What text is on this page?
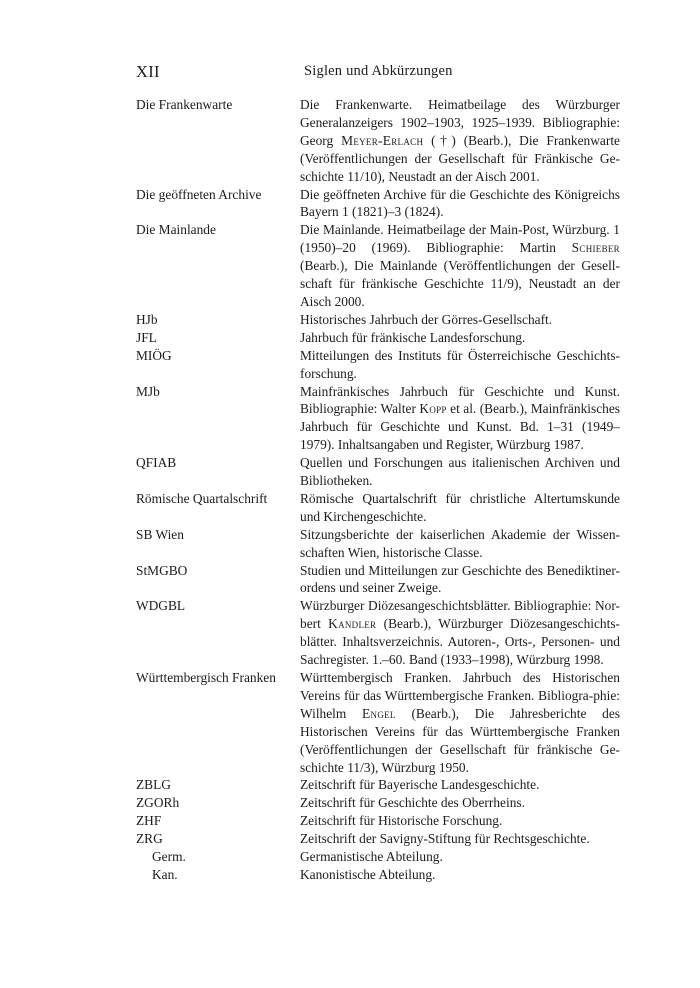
XII	Siglen und Abkürzungen
Die Frankenwarte	Die Frankenwarte. Heimatbeilage des Würzburger Generalanzeigers 1902–1903, 1925–1939. Bibliographie: Georg Meyer-Erlach (†) (Bearb.), Die Frankenwarte (Veröffentlichungen der Gesellschaft für Fränkische Ge-schichte 11/10), Neustadt an der Aisch 2001.
Die geöffneten Archive	Die geöffneten Archive für die Geschichte des Königreichs Bayern 1 (1821)–3 (1824).
Die Mainlande	Die Mainlande. Heimatbeilage der Main-Post, Würzburg. 1 (1950)–20 (1969). Bibliographie: Martin Schieber (Bearb.), Die Mainlande (Veröffentlichungen der Gesell-schaft für fränkische Geschichte 11/9), Neustadt an der Aisch 2000.
HJb	Historisches Jahrbuch der Görres-Gesellschaft.
JFL	Jahrbuch für fränkische Landesforschung.
MIÖG	Mitteilungen des Instituts für Österreichische Geschichts-forschung.
MJb	Mainfränkisches Jahrbuch für Geschichte und Kunst. Bibliographie: Walter Kopp et al. (Bearb.), Mainfränkisches Jahrbuch für Geschichte und Kunst. Bd. 1–31 (1949–1979). Inhaltsangaben und Register, Würzburg 1987.
QFIAB	Quellen und Forschungen aus italienischen Archiven und Bibliotheken.
Römische Quartalschrift	Römische Quartalschrift für christliche Altertumskunde und Kirchengeschichte.
SB Wien	Sitzungsberichte der kaiserlichen Akademie der Wissen-schaften Wien, historische Classe.
StMGBO	Studien und Mitteilungen zur Geschichte des Benediktiner-ordens und seiner Zweige.
WDGBL	Würzburger Diözesangeschichtsblätter. Bibliographie: Nor-bert Kandler (Bearb.), Würzburger Diözesangeschichts-blätter. Inhaltsverzeichnis. Autoren-, Orts-, Personen- und Sachregister. 1.–60. Band (1933–1998), Würzburg 1998.
Württembergisch Franken	Württembergisch Franken. Jahrbuch des Historischen Vereins für das Württembergische Franken. Bibliogra-phie: Wilhelm Engel (Bearb.), Die Jahresberichte des Historischen Vereins für das Württembergische Franken (Veröffentlichungen der Gesellschaft für fränkische Ge-schichte 11/3), Würzburg 1950.
ZBLG	Zeitschrift für Bayerische Landesgeschichte.
ZGORh	Zeitschrift für Geschichte des Oberrheins.
ZHF	Zeitschrift für Historische Forschung.
ZRG	Zeitschrift der Savigny-Stiftung für Rechtsgeschichte.
Germ.	Germanistische Abteilung.
Kan.	Kanonistische Abteilung.
